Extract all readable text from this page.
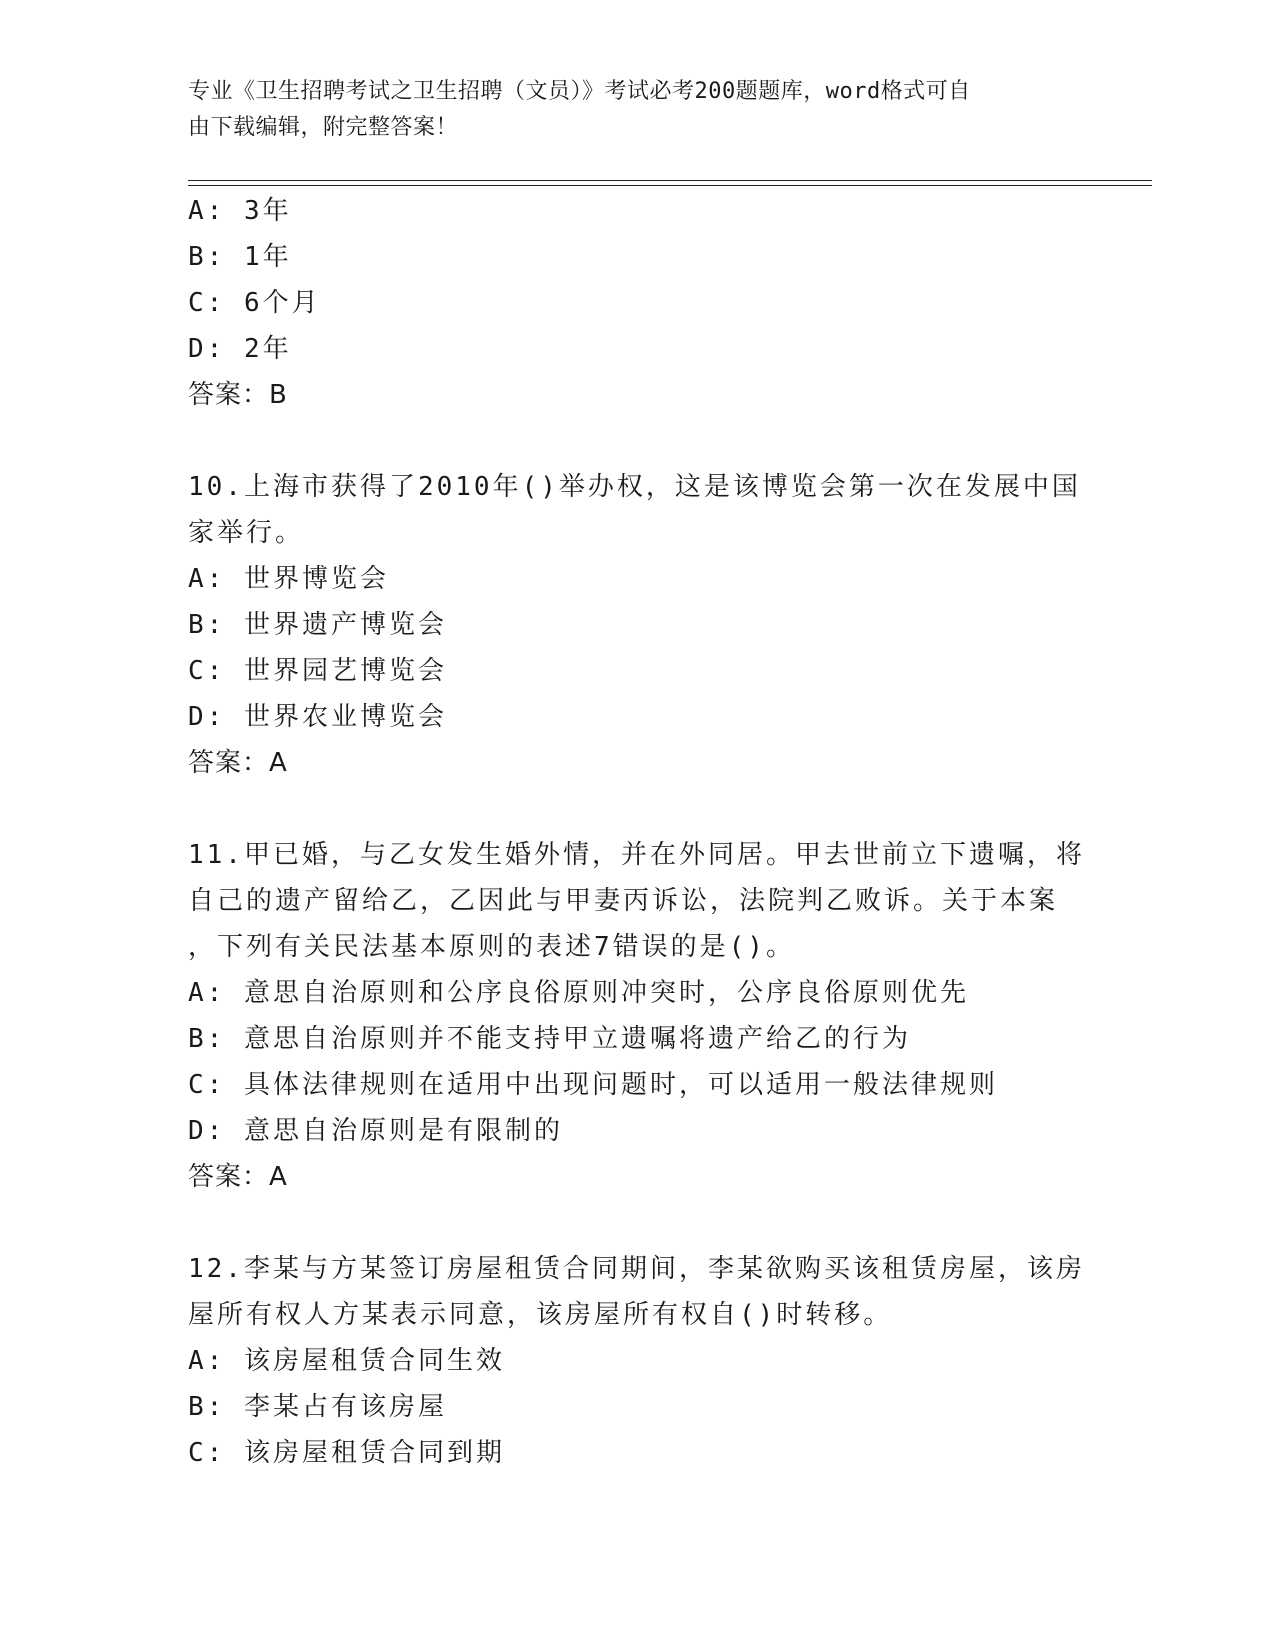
专业《卫生招聘考试之卫生招聘（文员）》考试必考200题题库，word格式可自
由下载编辑，附完整答案！
A: 3年
B: 1年
C: 6个月
D: 2年
答案：B
10.上海市获得了2010年()举办权，这是该博览会第一次在发展中国
家举行。
A: 世界博览会
B: 世界遗产博览会
C: 世界园艺博览会
D: 世界农业博览会
答案：A
11.甲已婚，与乙女发生婚外情，并在外同居。甲去世前立下遗嘱，将
自己的遗产留给乙，乙因此与甲妻丙诉讼，法院判乙败诉。关于本案
，下列有关民法基本原则的表述7错误的是()。
A: 意思自治原则和公序良俗原则冲突时，公序良俗原则优先
B: 意思自治原则并不能支持甲立遗嘱将遗产给乙的行为
C: 具体法律规则在适用中出现问题时，可以适用一般法律规则
D: 意思自治原则是有限制的
答案：A
12.李某与方某签订房屋租赁合同期间，李某欲购买该租赁房屋，该房
屋所有权人方某表示同意，该房屋所有权自()时转移。
A: 该房屋租赁合同生效
B: 李某占有该房屋
C: 该房屋租赁合同到期
